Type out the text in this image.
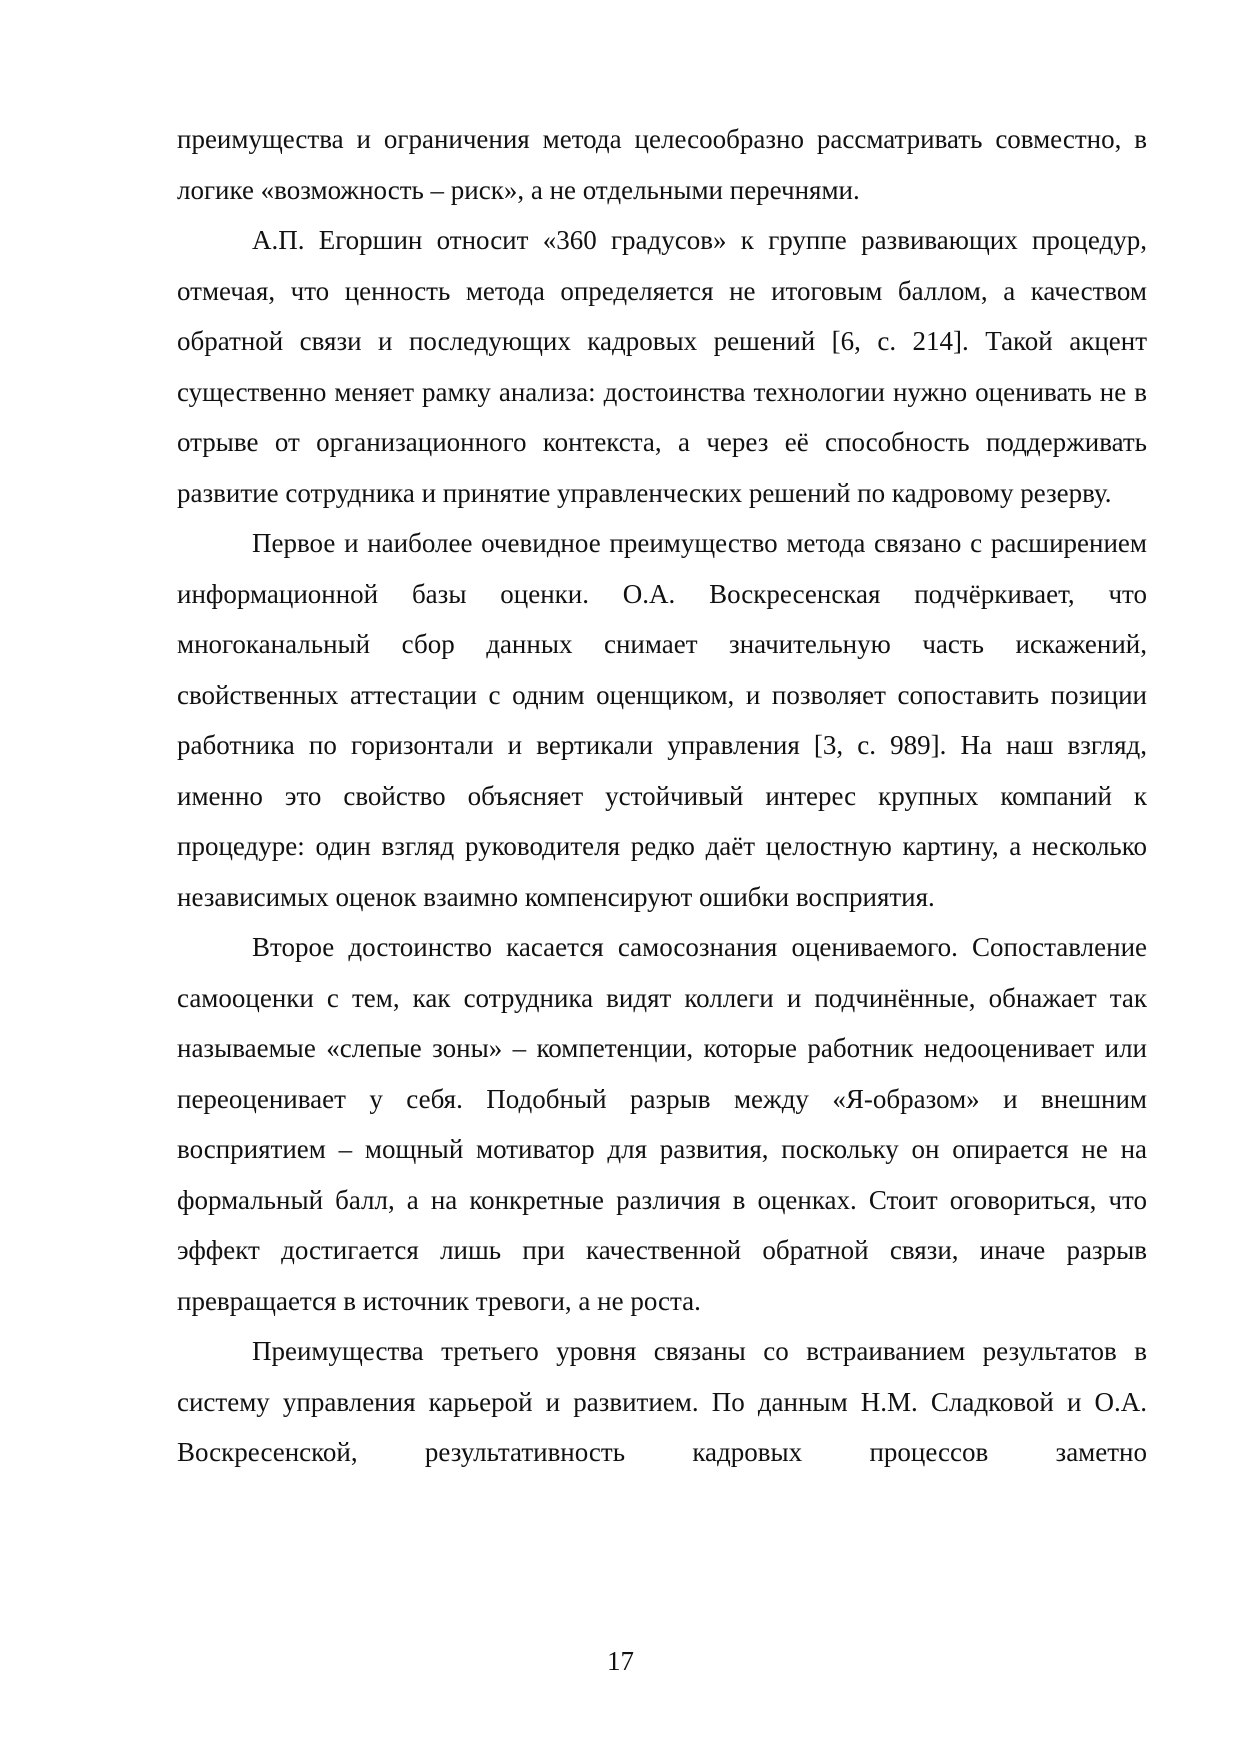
преимущества и ограничения метода целесообразно рассматривать совместно, в логике «возможность – риск», а не отдельными перечнями.

А.П. Егоршин относит «360 градусов» к группе развивающих процедур, отмечая, что ценность метода определяется не итоговым баллом, а качеством обратной связи и последующих кадровых решений [6, с. 214]. Такой акцент существенно меняет рамку анализа: достоинства технологии нужно оценивать не в отрыве от организационного контекста, а через её способность поддерживать развитие сотрудника и принятие управленческих решений по кадровому резерву.

Первое и наиболее очевидное преимущество метода связано с расширением информационной базы оценки. О.А. Воскресенская подчёркивает, что многоканальный сбор данных снимает значительную часть искажений, свойственных аттестации с одним оценщиком, и позволяет сопоставить позиции работника по горизонтали и вертикали управления [3, с. 989]. На наш взгляд, именно это свойство объясняет устойчивый интерес крупных компаний к процедуре: один взгляд руководителя редко даёт целостную картину, а несколько независимых оценок взаимно компенсируют ошибки восприятия.

Второе достоинство касается самосознания оцениваемого. Сопоставление самооценки с тем, как сотрудника видят коллеги и подчинённые, обнажает так называемые «слепые зоны» – компетенции, которые работник недооценивает или переоценивает у себя. Подобный разрыв между «Я-образом» и внешним восприятием – мощный мотиватор для развития, поскольку он опирается не на формальный балл, а на конкретные различия в оценках. Стоит оговориться, что эффект достигается лишь при качественной обратной связи, иначе разрыв превращается в источник тревоги, а не роста.

Преимущества третьего уровня связаны со встраиванием результатов в систему управления карьерой и развитием. По данным Н.М. Сладковой и О.А. Воскресенской, результативность кадровых процессов заметно

17
